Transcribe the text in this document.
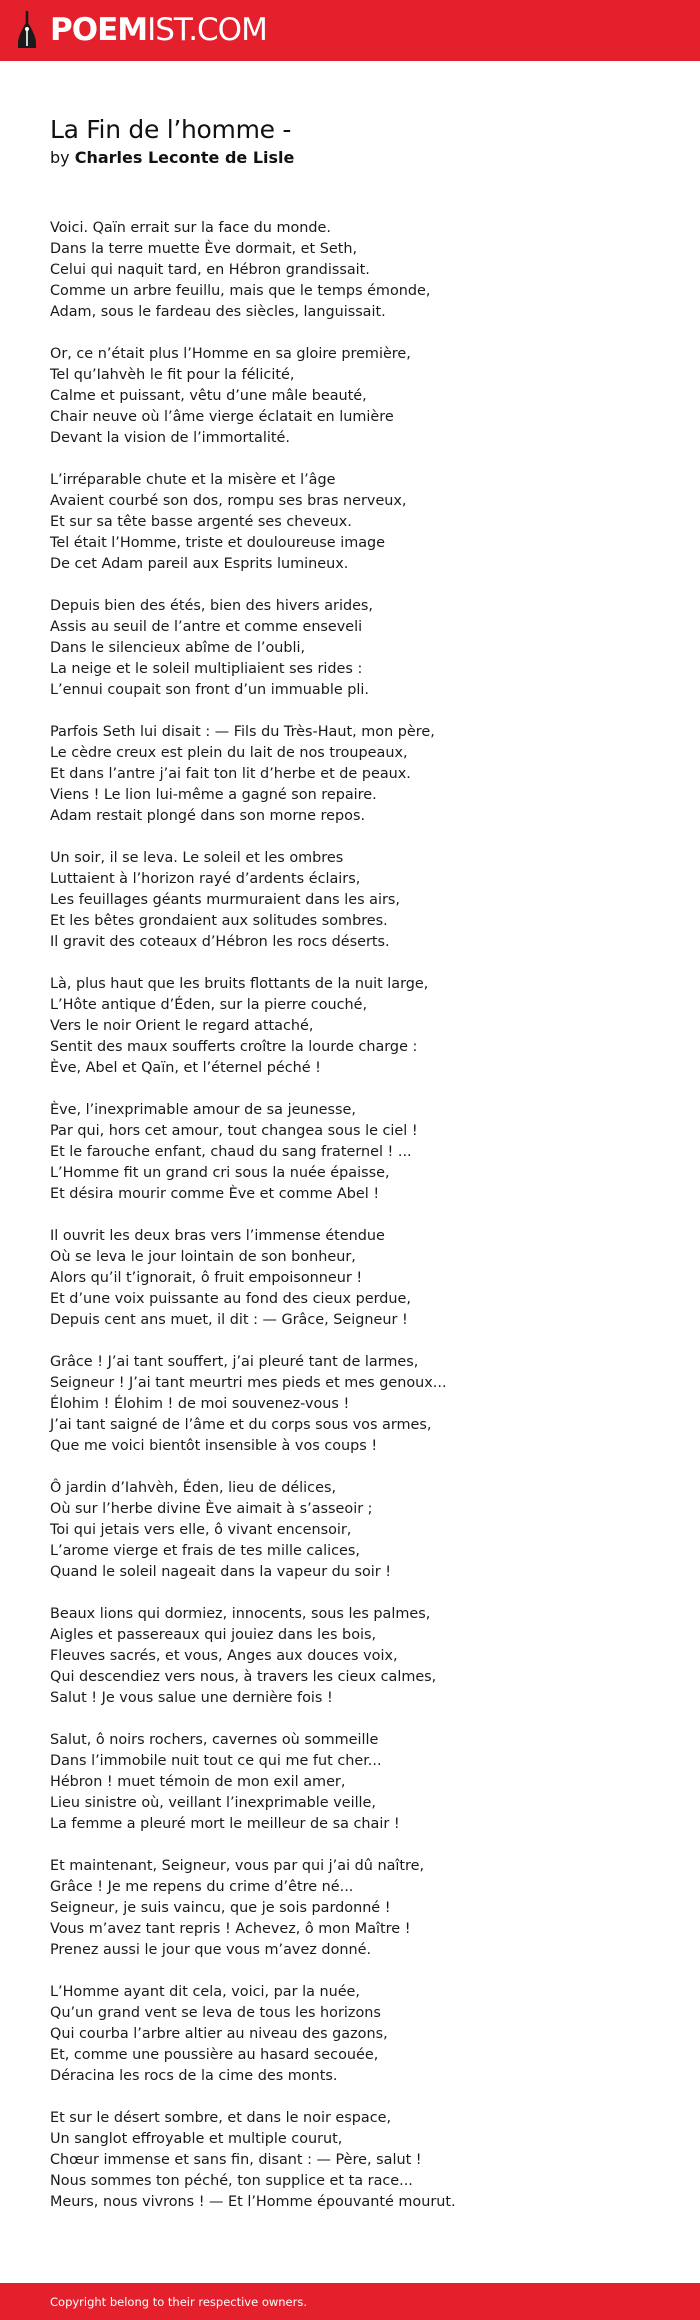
POEMIST.COM
La Fin de l’homme -
by Charles Leconte de Lisle
Voici. Qaïn errait sur la face du monde.
Dans la terre muette Ève dormait, et Seth,
Celui qui naquit tard, en Hébron grandissait.
Comme un arbre feuillu, mais que le temps émonde,
Adam, sous le fardeau des siècles, languissait.
Or, ce n’était plus l’Homme en sa gloire première,
Tel qu’Iahvèh le fit pour la félicité,
Calme et puissant, vêtu d’une mâle beauté,
Chair neuve où l’âme vierge éclatait en lumière
Devant la vision de l’immortalité.
L’irréparable chute et la misère et l’âge
Avaient courbé son dos, rompu ses bras nerveux,
Et sur sa tête basse argenté ses cheveux.
Tel était l’Homme, triste et douloureuse image
De cet Adam pareil aux Esprits lumineux.
Depuis bien des étés, bien des hivers arides,
Assis au seuil de l’antre et comme enseveli
Dans le silencieux abîme de l’oubli,
La neige et le soleil multipliaient ses rides :
L’ennui coupait son front d’un immuable pli.
Parfois Seth lui disait : — Fils du Très-Haut, mon père,
Le cèdre creux est plein du lait de nos troupeaux,
Et dans l’antre j’ai fait ton lit d’herbe et de peaux.
Viens ! Le lion lui-même a gagné son repaire.
Adam restait plongé dans son morne repos.
Un soir, il se leva. Le soleil et les ombres
Luttaient à l’horizon rayé d’ardents éclairs,
Les feuillages géants murmuraient dans les airs,
Et les bêtes grondaient aux solitudes sombres.
Il gravit des coteaux d’Hébron les rocs déserts.
Là, plus haut que les bruits flottants de la nuit large,
L’Hôte antique d’Éden, sur la pierre couché,
Vers le noir Orient le regard attaché,
Sentit des maux soufferts croître la lourde charge :
Ève, Abel et Qaïn, et l’éternel péché !
Ève, l’inexprimable amour de sa jeunesse,
Par qui, hors cet amour, tout changea sous le ciel !
Et le farouche enfant, chaud du sang fraternel ! ...
L’Homme fit un grand cri sous la nuée épaisse,
Et désira mourir comme Ève et comme Abel !
Il ouvrit les deux bras vers l’immense étendue
Où se leva le jour lointain de son bonheur,
Alors qu’il t’ignorait, ô fruit empoisonneur !
Et d’une voix puissante au fond des cieux perdue,
Depuis cent ans muet, il dit : — Grâce, Seigneur !
Grâce ! J’ai tant souffert, j’ai pleuré tant de larmes,
Seigneur ! J’ai tant meurtri mes pieds et mes genoux...
Élohim ! Élohim ! de moi souvenez-vous !
J’ai tant saigné de l’âme et du corps sous vos armes,
Que me voici bientôt insensible à vos coups !
Ô jardin d’Iahvèh, Éden, lieu de délices,
Où sur l’herbe divine Ève aimait à s’asseoir ;
Toi qui jetais vers elle, ô vivant encensoir,
L’arome vierge et frais de tes mille calices,
Quand le soleil nageait dans la vapeur du soir !
Beaux lions qui dormiez, innocents, sous les palmes,
Aigles et passereaux qui jouiez dans les bois,
Fleuves sacrés, et vous, Anges aux douces voix,
Qui descendiez vers nous, à travers les cieux calmes,
Salut ! Je vous salue une dernière fois !
Salut, ô noirs rochers, cavernes où sommeille
Dans l’immobile nuit tout ce qui me fut cher...
Hébron ! muet témoin de mon exil amer,
Lieu sinistre où, veillant l’inexprimable veille,
La femme a pleuré mort le meilleur de sa chair !
Et maintenant, Seigneur, vous par qui j’ai dû naître,
Grâce ! Je me repens du crime d’être né...
Seigneur, je suis vaincu, que je sois pardonné !
Vous m’avez tant repris ! Achevez, ô mon Maître !
Prenez aussi le jour que vous m’avez donné.
L’Homme ayant dit cela, voici, par la nuée,
Qu’un grand vent se leva de tous les horizons
Qui courba l’arbre altier au niveau des gazons,
Et, comme une poussière au hasard secouée,
Déracina les rocs de la cime des monts.
Et sur le désert sombre, et dans le noir espace,
Un sanglot effroyable et multiple courut,
Chœur immense et sans fin, disant : — Père, salut !
Nous sommes ton péché, ton supplice et ta race...
Meurs, nous vivrons ! — Et l’Homme épouvanté mourut.
Copyright belong to their respective owners.
